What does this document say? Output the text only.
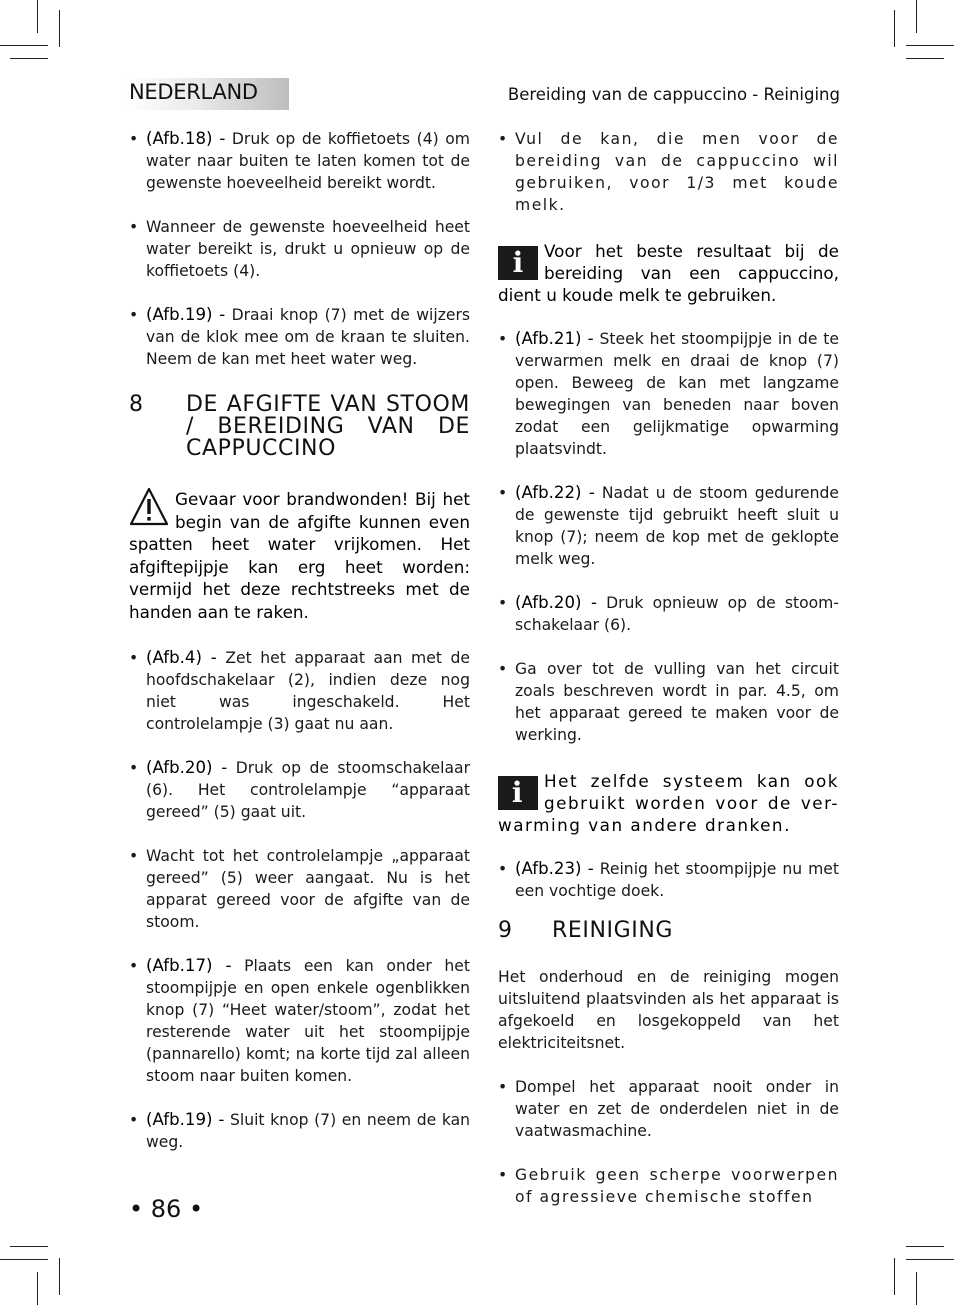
NEDERLAND	Bereiding van de cappuccino - Reiniging
• (Afb.18) - Druk op de koffietoets (4) om water naar buiten te laten komen tot de gewenste hoeveelheid bereikt wordt.
• Wanneer de gewenste hoeveelheid heet water bereikt is, drukt u opnieuw op de koffietoets (4).
• (Afb.19) - Draai knop (7) met de wijzers van de klok mee om de kraan te sluiten. Neem de kan met heet water weg.
8 DE AFGIFTE VAN STOOM / BEREIDING VAN DE CAPPUCCINO
Gevaar voor brandwonden! Bij het begin van de afgifte kunnen even spatten heet water vrijkomen. Het afgiftepijpje kan erg heet worden: vermijd het deze rechtstreeks met de handen aan te raken.
• (Afb.4) - Zet het apparaat aan met de hoofdschakelaar (2), indien deze nog niet was ingeschakeld. Het controlelampje (3) gaat nu aan.
• (Afb.20) - Druk op de stoomschakelaar (6). Het controlelampje “apparaat gereed” (5) gaat uit.
• Wacht tot het controlelampje „apparaat gereed” (5) weer aangaat. Nu is het apparat gereed voor de afgifte van de stoom.
• (Afb.17) - Plaats een kan onder het stoompijpje en open enkele ogenblikken knop (7) “Heet water/stoom”, zodat het resterende water uit het stoompijpje (pannarello) komt; na korte tijd zal alleen stoom naar buiten komen.
• (Afb.19) - Sluit knop (7) en neem de kan weg.
• Vul de kan, die men voor de bereiding van de cappuccino wil gebruiken, voor 1/3 met koude melk.
i	Voor het beste resultaat bij de bereiding van een cappuccino, dient u koude melk te gebruiken.
• (Afb.21) - Steek het stoompijpje in de te verwarmen melk en draai de knop (7) open. Beweeg de kan met langzame bewegingen van beneden naar boven zodat een gelijkmatige opwarming plaatsvindt.
• (Afb.22) - Nadat u de stoom gedurende de gewenste tijd gebruikt heeft sluit u knop (7); neem de kop met de geklopte melk weg.
• (Afb.20) - Druk opnieuw op de stoom-schakelaar (6).
• Ga over tot de vulling van het circuit zoals beschreven wordt in par. 4.5, om het apparaat gereed te maken voor de werking.
i	Het zelfde systeem kan ook gebruikt worden voor de ver-warming van andere dranken.
• (Afb.23) - Reinig het stoompijpje nu met een vochtige doek.
9 REINIGING
Het onderhoud en de reiniging mogen uitsluitend plaatsvinden als het apparaat is afgekoeld en losgekoppeld van het elektriciteitsnet.
• Dompel het apparaat nooit onder in water en zet de onderdelen niet in de vaatwasmachine.
• Gebruik geen scherpe voorwerpen of agressieve chemische stoffen
• 86 •
